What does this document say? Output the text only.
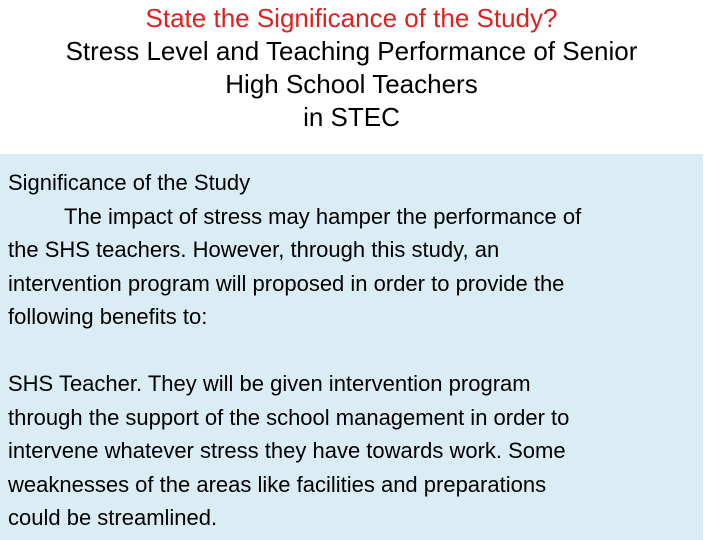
State the Significance of the Study?
Stress Level and Teaching Performance of Senior
High School Teachers
in STEC
Significance of the Study
The impact of stress may hamper the performance of
the SHS teachers. However, through this study, an
intervention program will proposed in order to provide the
following benefits to:
SHS Teacher. They will be given intervention program
through the support of the school management in order to
intervene whatever stress they have towards work. Some
weaknesses of the areas like facilities and preparations
could be streamlined.
